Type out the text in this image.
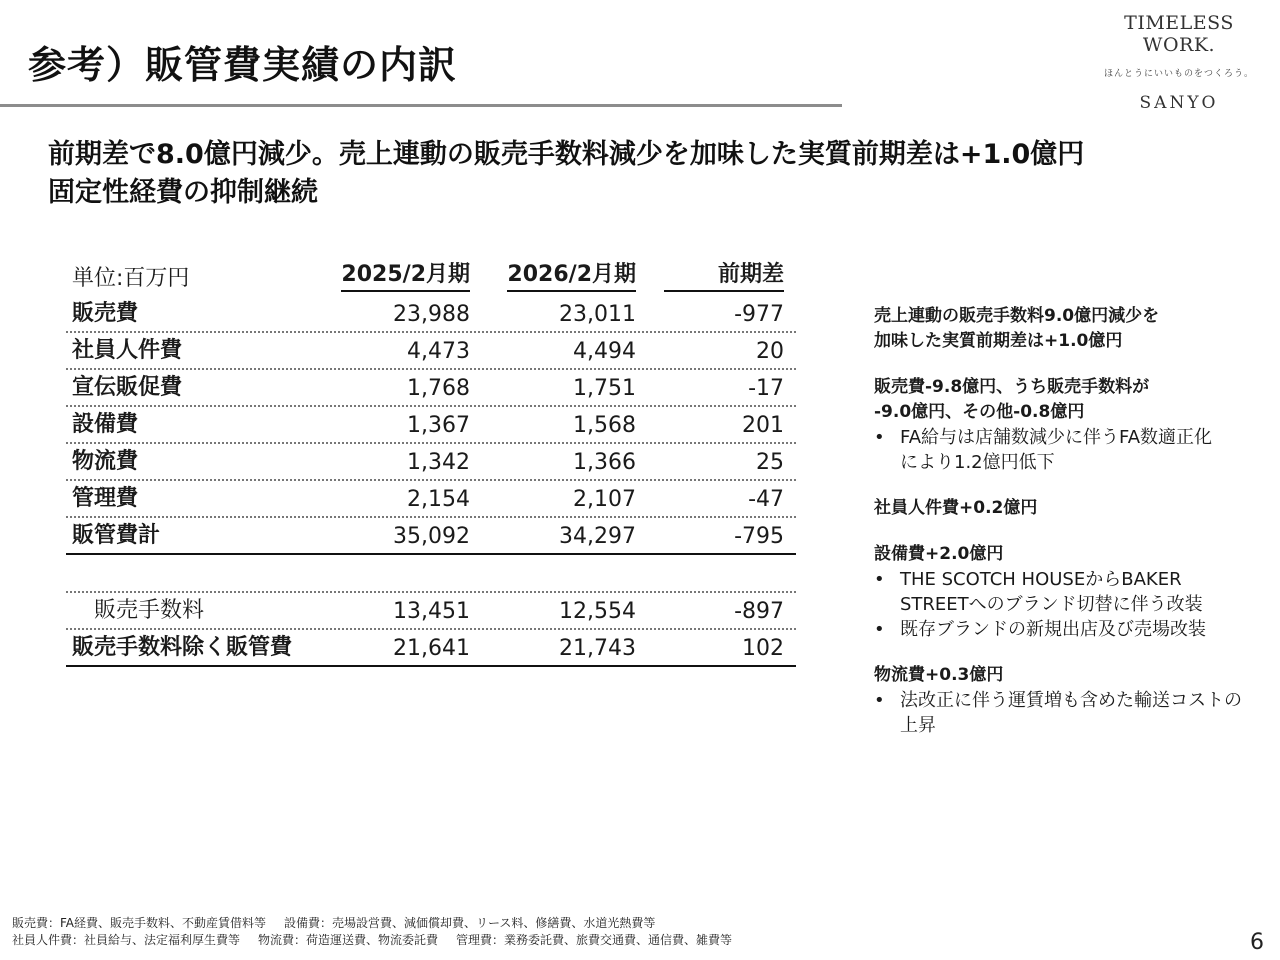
参考）販管費実績の内訳
TIMELESS WORK.
ほんとうにいいものをつくろう。
SANYO
前期差で8.0億円減少。売上連動の販売手数料減少を加味した実質前期差は+1.0億円
固定性経費の抑制継続
単位:百万円	2025/2月期	2026/2月期	前期差
販売費	23,988	23,011	-977
社員人件費	4,473	4,494	20
宣伝販促費	1,768	1,751	-17
設備費	1,367	1,568	201
物流費	1,342	1,366	25
管理費	2,154	2,107	-47
販管費計	35,092	34,297	-795
販売手数料	13,451	12,554	-897
販売手数料除く販管費	21,641	21,743	102
売上連動の販売手数料9.0億円減少を
加味した実質前期差は+1.0億円
販売費-9.8億円、うち販売手数料が
-9.0億円、その他-0.8億円
• FA給与は店舗数減少に伴うFA数適正化
により1.2億円低下
社員人件費+0.2億円
設備費+2.0億円
• THE SCOTCH HOUSEからBAKER
STREETへのブランド切替に伴う改装
• 既存ブランドの新規出店及び売場改装
物流費+0.3億円
• 法改正に伴う運賃増も含めた輸送コストの
上昇
販売費：FA経費、販売手数料、不動産賃借料等 設備費：売場設営費、減価償却費、リース料、修繕費、水道光熱費等
社員人件費：社員給与、法定福利厚生費等 物流費：荷造運送費、物流委託費 管理費：業務委託費、旅費交通費、通信費、雑費等	6
